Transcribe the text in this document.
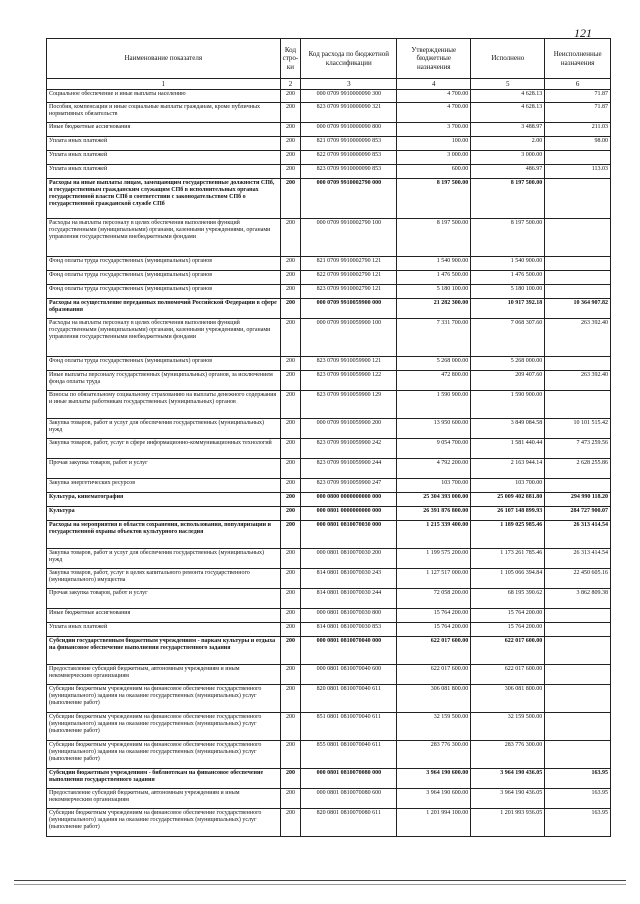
121
Наименование показателя	Код стро-ки	Код расхода по бюджетной классификации	Утвержденные бюджетные назначения	Исполнено	Неисполненные назначения
1	2	3	4	5	6
Социальное обеспечение и иные выплаты населению	200	000 0709 9910000090 300	4 700.00	4 628.13	71.87
Пособия, компенсации и иные социальные выплаты гражданам, кроме публичных нормативных обязательств	200	823 0709 9910000090 321	4 700.00	4 628.13	71.87
Иные бюджетные ассигнования	200	000 0709 9910000090 800	3 700.00	3 488.97	211.03
Уплата иных платежей	200	821 0709 9910000090 853	100.00	2.00	98.00
Уплата иных платежей	200	822 0709 9910000090 853	3 000.00	3 000.00	
Уплата иных платежей	200	823 0709 9910000090 853	600.00	486.97	113.03
Расходы на иные выплаты лицам, замещающим государственные должности СПб, и государственным гражданским служащим СПб в исполнительных органах государственной власти СПб в соответствии с законодательством СПб о государственной гражданской службе СПб	200	000 0709 9910002790 000	8 197 500.00	8 197 500.00	
Расходы на выплаты персоналу в целях обеспечения выполнения функций государственными (муниципальными) органами, казенными учреждениями, органами управления государственными внебюджетными фондами	200	000 0709 9910002790 100	8 197 500.00	8 197 500.00	
Фонд оплаты труда государственных (муниципальных) органов	200	821 0709 9910002790 121	1 540 900.00	1 540 900.00	
Фонд оплаты труда государственных (муниципальных) органов	200	822 0709 9910002790 121	1 476 500.00	1 476 500.00	
Фонд оплаты труда государственных (муниципальных) органов	200	823 0709 9910002790 121	5 180 100.00	5 180 100.00	
Расходы на осуществление переданных полномочий Российской Федерации в сфере образования	200	000 0709 9910059900 000	21 282 300.00	10 917 392.18	10 364 907.82
Расходы на выплаты персоналу в целях обеспечения выполнения функций государственными (муниципальными) органами, казенными учреждениями, органами управления государственными внебюджетными фондами	200	000 0709 9910059900 100	7 331 700.00	7 068 307.60	263 392.40
Фонд оплаты труда государственных (муниципальных) органов	200	823 0709 9910059900 121	5 268 000.00	5 268 000.00	
Иные выплаты персоналу государственных (муниципальных) органов, за исключением фонда оплаты труда	200	823 0709 9910059900 122	472 800.00	209 407.60	263 392.40
Взносы по обязательному социальному страхованию на выплаты денежного содержания и иные выплаты работникам государственных (муниципальных) органов	200	823 0709 9910059900 129	1 590 900.00	1 590 900.00	
Закупка товаров, работ и услуг для обеспечения государственных (муниципальных) нужд	200	000 0709 9910059900 200	13 950 600.00	3 849 084.58	10 101 515.42
Закупка товаров, работ, услуг в сфере информационно-коммуникационных технологий	200	823 0709 9910059900 242	9 054 700.00	1 581 440.44	7 473 259.56
Прочая закупка товаров, работ и услуг	200	823 0709 9910059900 244	4 792 200.00	2 163 944.14	2 628 255.86
Закупка энергетических ресурсов	200	823 0709 9910059900 247	103 700.00	103 700.00	
Культура, кинематография	200	000 0800 0000000000 000	25 304 393 000.00	25 009 402 881.80	294 990 118.20
Культура	200	000 0801 0000000000 000	26 391 876 800.00	26 107 148 899.93	284 727 900.07
Расходы на мероприятия в области сохранения, использования, популяризации и государственной охраны объектов культурного наследия	200	000 0801 0810070030 000	1 215 339 400.00	1 189 025 985.46	26 313 414.54
Закупка товаров, работ и услуг для обеспечения государственных (муниципальных) нужд	200	000 0801 0810070030 200	1 199 575 200.00	1 173 261 785.46	26 313 414.54
Закупка товаров, работ, услуг в целях капитального ремонта государственного (муниципального) имущества	200	814 0801 0810070030 243	1 127 517 000.00	1 105 066 394.84	22 450 605.16
Прочая закупка товаров, работ и услуг	200	814 0801 0810070030 244	72 058 200.00	68 195 390.62	3 862 809.38
Иные бюджетные ассигнования	200	000 0801 0810070030 800	15 764 200.00	15 764 200.00	
Уплата иных платежей	200	814 0801 0810070030 853	15 764 200.00	15 764 200.00	
Субсидии государственным бюджетным учреждениям - паркам культуры и отдыха на финансовое обеспечение выполнения государственного задания	200	000 0801 0810070040 000	622 017 600.00	622 017 600.00	
Предоставление субсидий бюджетным, автономным учреждениям и иным некоммерческим организациям	200	000 0801 0810070040 600	622 017 600.00	622 017 600.00	
Субсидии бюджетным учреждениям на финансовое обеспечение государственного (муниципального) задания на оказание государственных (муниципальных) услуг (выполнение работ)	200	820 0801 0810070040 611	306 081 800.00	306 081 800.00	
Субсидии бюджетным учреждениям на финансовое обеспечение государственного (муниципального) задания на оказание государственных (муниципальных) услуг (выполнение работ)	200	851 0801 0810070040 611	32 159 500.00	32 159 500.00	
Субсидии бюджетным учреждениям на финансовое обеспечение государственного (муниципального) задания на оказание государственных (муниципальных) услуг (выполнение работ)	200	855 0801 0810070040 611	283 776 300.00	283 776 300.00	
Субсидии бюджетным учреждениям - библиотекам на финансовое обеспечение выполнения государственного задания	200	000 0801 0810070080 000	3 964 190 600.00	3 964 190 436.05	163.95
Предоставление субсидий бюджетным, автономным учреждениям и иным некоммерческим организациям	200	000 0801 0810070080 600	3 964 190 600.00	3 964 190 436.05	163.95
Субсидии бюджетным учреждениям на финансовое обеспечение государственного (муниципального) задания на оказание государственных (муниципальных) услуг (выполнение работ)	200	820 0801 0810070080 611	1 201 994 100.00	1 201 993 936.05	163.95
